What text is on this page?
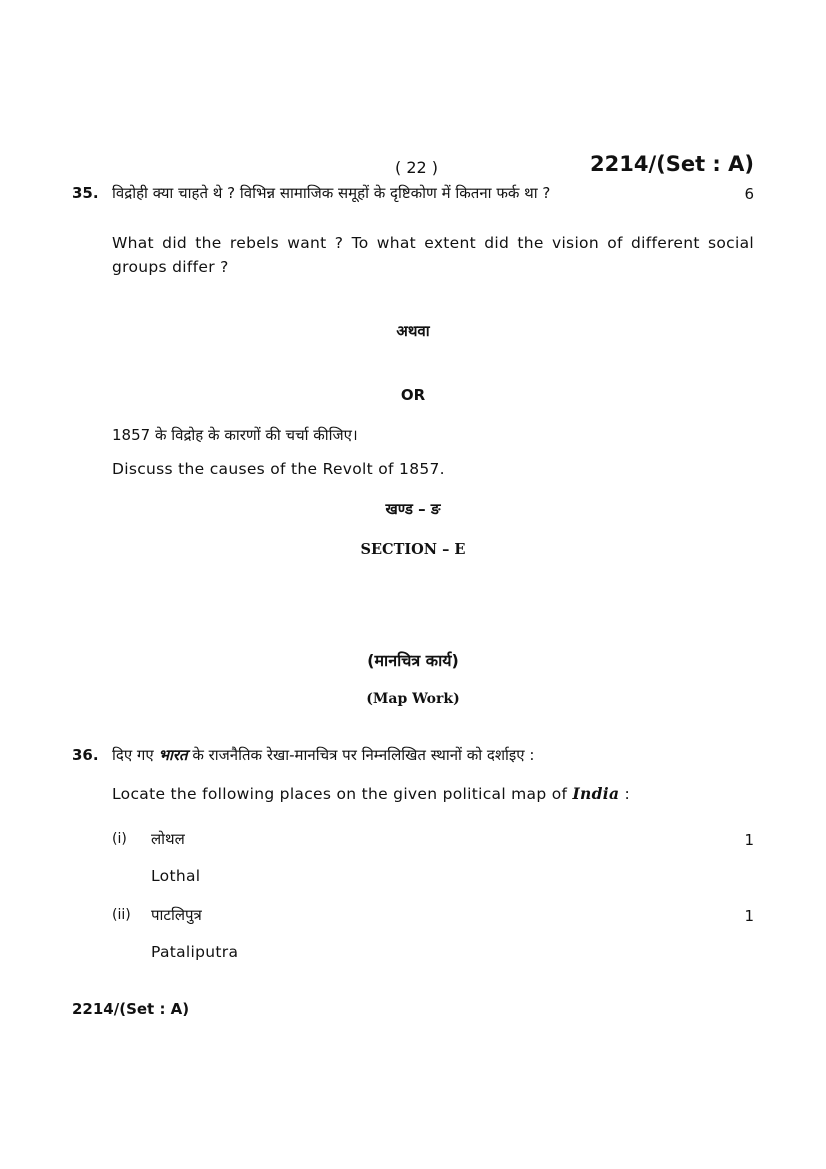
( 22 )	2214/(Set : A)
35. विद्रोही क्या चाहते थे ? विभिन्न सामाजिक समूहों के दृष्टिकोण में कितना फर्क था ?	6
What did the rebels want ? To what extent did the vision of different social groups differ ?
अथवा
OR
1857 के विद्रोह के कारणों की चर्चा कीजिए।
Discuss the causes of the Revolt of 1857.
खण्ड – ङ
SECTION – E
(मानचित्र कार्य)
(Map Work)
36. दिए गए भारत के राजनैतिक रेखा-मानचित्र पर निम्नलिखित स्थानों को दर्शाइए :
Locate the following places on the given political map of India :
(i) लोथल	1
Lothal
(ii) पाटलिपुत्र	1
Pataliputra
2214/(Set : A)
